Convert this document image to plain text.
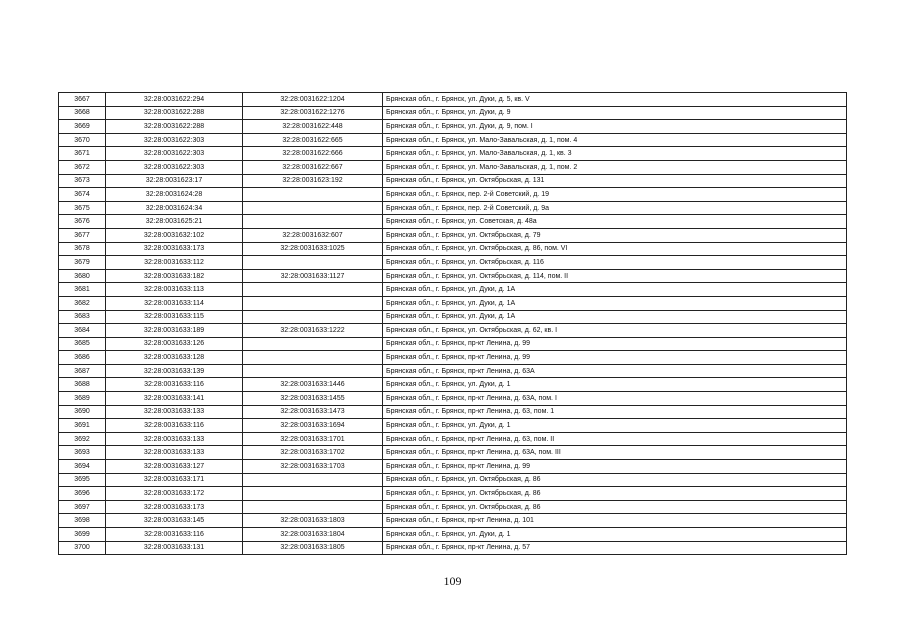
3667	32:28:0031622:294	32:28:0031622:1204	Брянская обл., г. Брянск, ул. Дуки, д. 5, кв. V
3668	32:28:0031622:288	32:28:0031622:1276	Брянская обл., г. Брянск, ул. Дуки, д. 9
3669	32:28:0031622:288	32:28:0031622:448	Брянская обл., г. Брянск, ул. Дуки, д. 9, пом. I
3670	32:28:0031622:303	32:28:0031622:665	Брянская обл., г. Брянск, ул. Мало-Завальская, д. 1, пом. 4
3671	32:28:0031622:303	32:28:0031622:666	Брянская обл., г. Брянск, ул. Мало-Завальская, д. 1, кв. 3
3672	32:28:0031622:303	32:28:0031622:667	Брянская обл., г. Брянск, ул. Мало-Завальская, д. 1, пом. 2
3673	32:28:0031623:17	32:28:0031623:192	Брянская обл., г. Брянск, ул. Октябрьская, д. 131
3674	32:28:0031624:28		Брянская обл., г. Брянск, пер. 2-й Советский, д. 19
3675	32:28:0031624:34		Брянская обл., г. Брянск, пер. 2-й Советский, д. 9а
3676	32:28:0031625:21		Брянская обл., г. Брянск, ул. Советская, д. 48а
3677	32:28:0031632:102	32:28:0031632:607	Брянская обл., г. Брянск, ул. Октябрьская, д. 79
3678	32:28:0031633:173	32:28:0031633:1025	Брянская обл., г. Брянск, ул. Октябрьская, д. 86, пом. VI
3679	32:28:0031633:112		Брянская обл., г. Брянск, ул. Октябрьская, д. 116
3680	32:28:0031633:182	32:28:0031633:1127	Брянская обл., г. Брянск, ул. Октябрьская, д. 114, пом. II
3681	32:28:0031633:113		Брянская обл., г. Брянск, ул. Дуки, д. 1А
3682	32:28:0031633:114		Брянская обл., г. Брянск, ул. Дуки, д. 1А
3683	32:28:0031633:115		Брянская обл., г. Брянск, ул. Дуки, д. 1А
3684	32:28:0031633:189	32:28:0031633:1222	Брянская обл., г. Брянск, ул. Октябрьская, д. 62, кв. I
3685	32:28:0031633:126		Брянская обл., г. Брянск, пр-кт Ленина, д. 99
3686	32:28:0031633:128		Брянская обл., г. Брянск, пр-кт Ленина, д. 99
3687	32:28:0031633:139		Брянская обл., г. Брянск, пр-кт Ленина, д. 63А
3688	32:28:0031633:116	32:28:0031633:1446	Брянская обл., г. Брянск, ул. Дуки, д. 1
3689	32:28:0031633:141	32:28:0031633:1455	Брянская обл., г. Брянск, пр-кт Ленина, д. 63А, пом. I
3690	32:28:0031633:133	32:28:0031633:1473	Брянская обл., г. Брянск, пр-кт Ленина, д. 63, пом. 1
3691	32:28:0031633:116	32:28:0031633:1694	Брянская обл., г. Брянск, ул. Дуки, д. 1
3692	32:28:0031633:133	32:28:0031633:1701	Брянская обл., г. Брянск, пр-кт Ленина, д. 63, пом. II
3693	32:28:0031633:133	32:28:0031633:1702	Брянская обл., г. Брянск, пр-кт Ленина, д. 63А, пом. III
3694	32:28:0031633:127	32:28:0031633:1703	Брянская обл., г. Брянск, пр-кт Ленина, д. 99
3695	32:28:0031633:171		Брянская обл., г. Брянск, ул. Октябрьская, д. 86
3696	32:28:0031633:172		Брянская обл., г. Брянск, ул. Октябрьская, д. 86
3697	32:28:0031633:173		Брянская обл., г. Брянск, ул. Октябрьская, д. 86
3698	32:28:0031633:145	32:28:0031633:1803	Брянская обл., г. Брянск, пр-кт Ленина, д. 101
3699	32:28:0031633:116	32:28:0031633:1804	Брянская обл., г. Брянск, ул. Дуки, д. 1
3700	32:28:0031633:131	32:28:0031633:1805	Брянская обл., г. Брянск, пр-кт Ленина, д. 57
109
